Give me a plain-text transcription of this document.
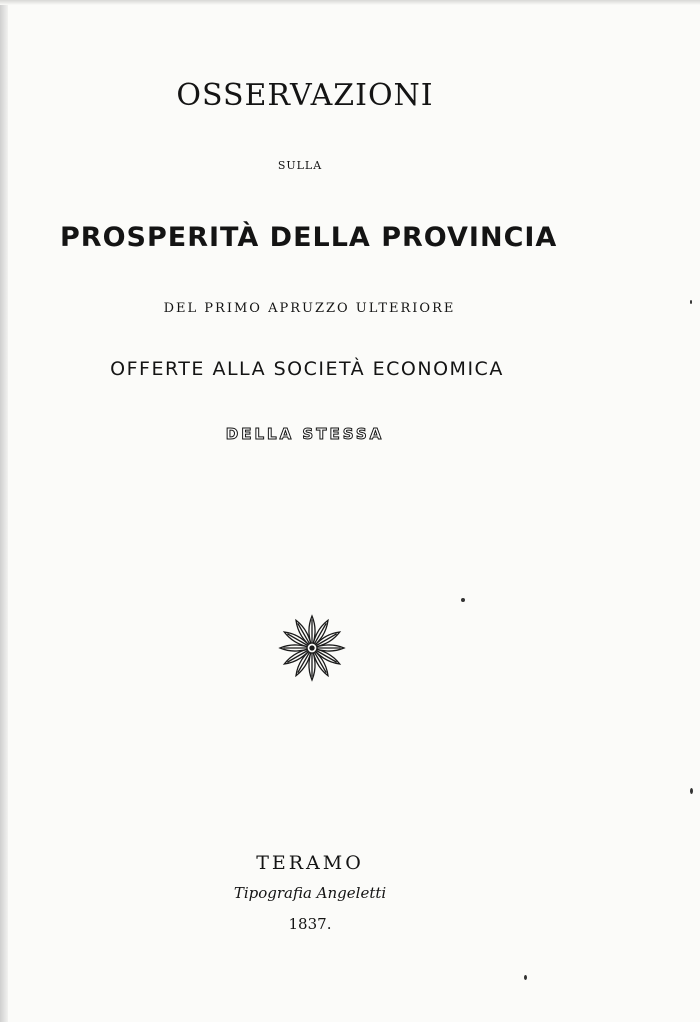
OSSERVAZIONI
SULLA
PROSPERITÀ DELLA PROVINCIA
DEL PRIMO APRUZZO ULTERIORE
OFFERTE ALLA SOCIETÀ ECONOMICA
DELLA STESSA
TERAMO
Tipografia Angeletti
1837.
